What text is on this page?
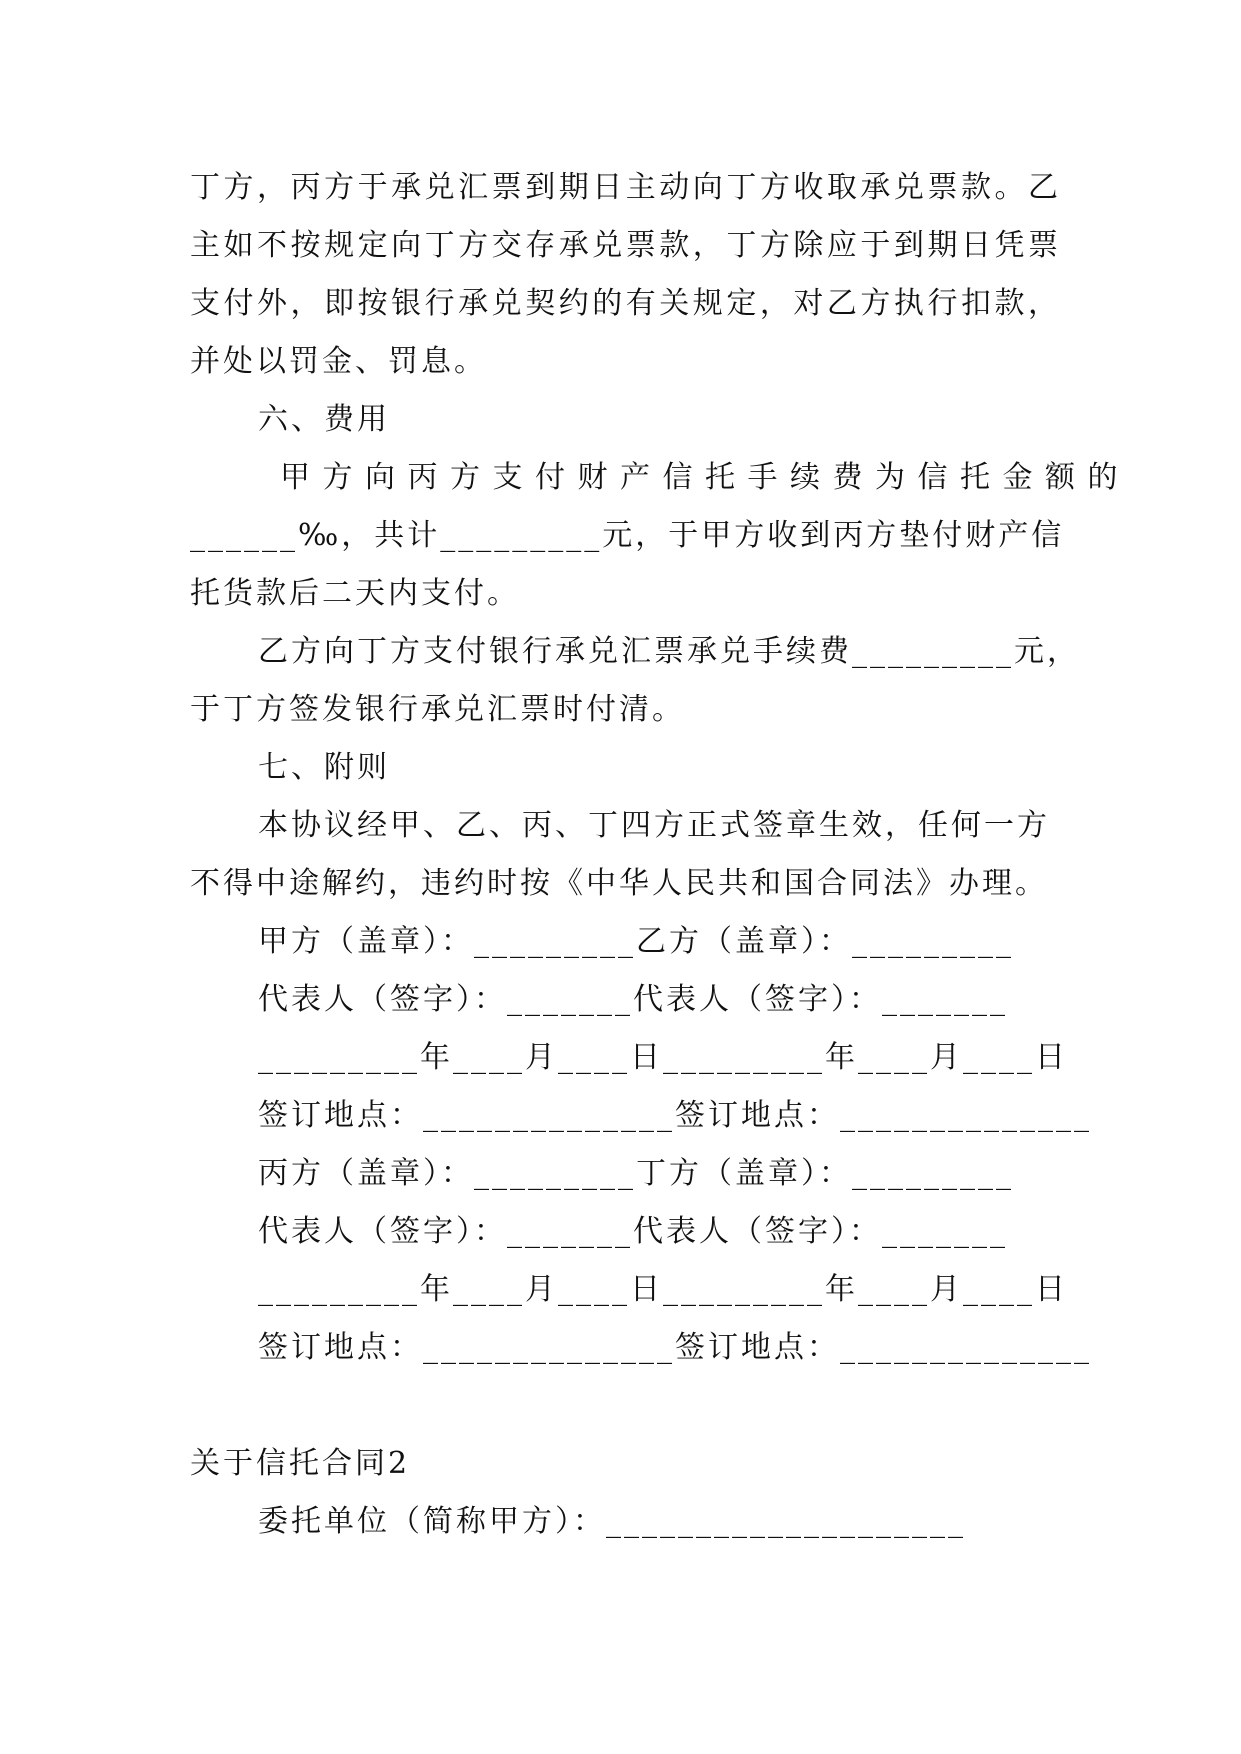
丁方，丙方于承兑汇票到期日主动向丁方收取承兑票款。乙
主如不按规定向丁方交存承兑票款，丁方除应于到期日凭票
支付外，即按银行承兑契约的有关规定，对乙方执行扣款，
并处以罚金、罚息。
六、费用
甲方向丙方支付财产信托手续费为信托金额的
______‰，共计_________元，于甲方收到丙方垫付财产信
托货款后二天内支付。
乙方向丁方支付银行承兑汇票承兑手续费_________元，
于丁方签发银行承兑汇票时付清。
七、附则
本协议经甲、乙、丙、丁四方正式签章生效，任何一方
不得中途解约，违约时按《中华人民共和国合同法》办理。
甲方（盖章）：_________乙方（盖章）：_________
代表人（签字）：_______代表人（签字）：_______
_________年____月____日_________年____月____日
签订地点：______________签订地点：______________
丙方（盖章）：_________丁方（盖章）：_________
代表人（签字）：_______代表人（签字）：_______
_________年____月____日_________年____月____日
签订地点：______________签订地点：______________
关于信托合同2
委托单位（简称甲方）：____________________
